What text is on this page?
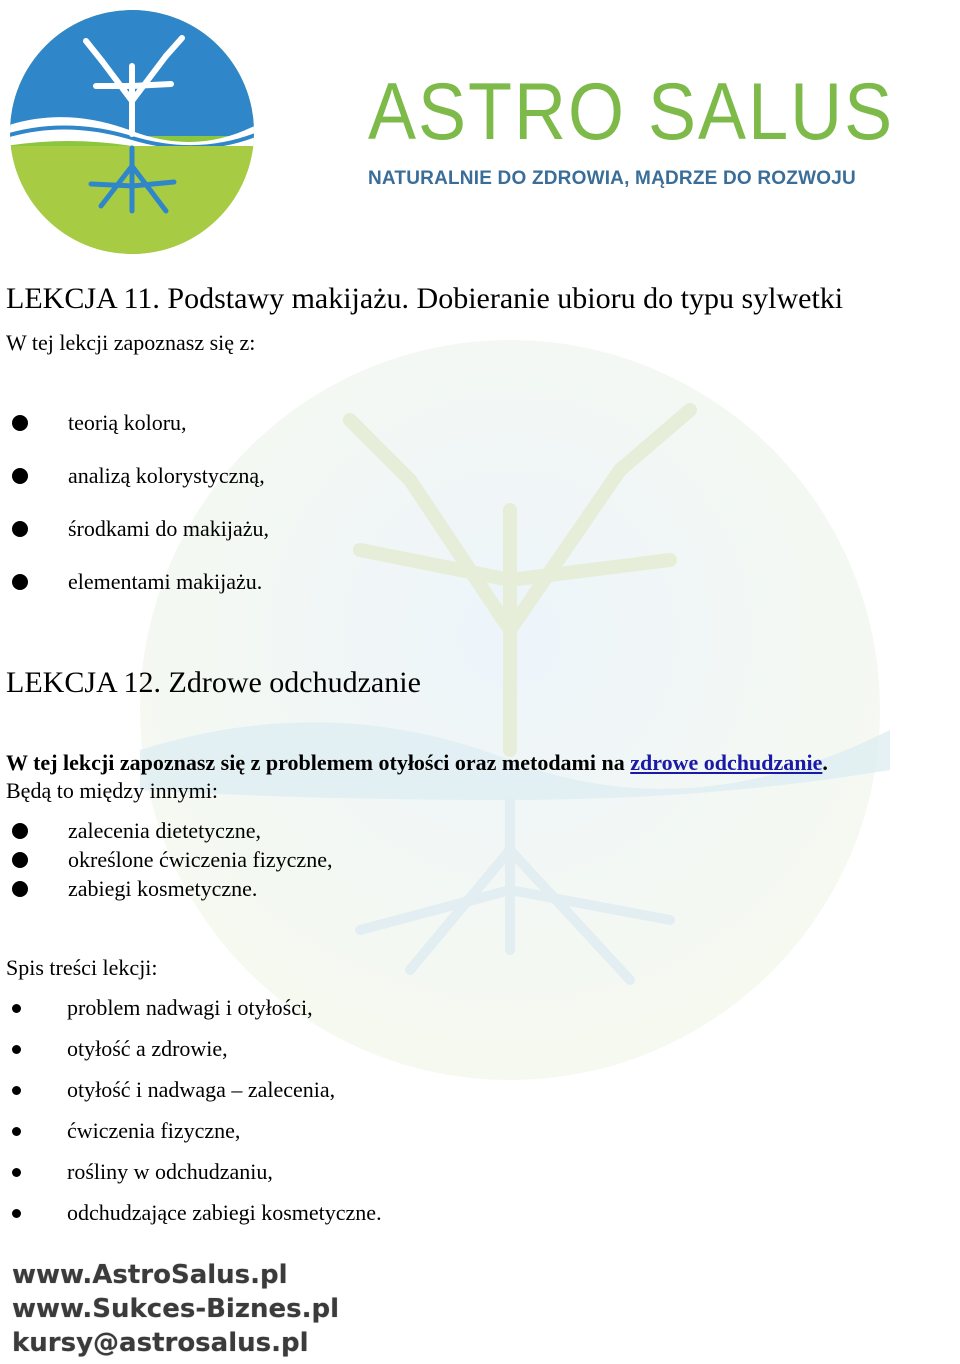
ASTRO SALUS
NATURALNIE DO ZDROWIA, MĄDRZE DO ROZWOJU
LEKCJA 11. Podstawy makijażu. Dobieranie ubioru do typu sylwetki
W tej lekcji zapoznasz się z:
teorią koloru,
analizą kolorystyczną,
środkami do makijażu,
elementami makijażu.
LEKCJA 12. Zdrowe odchudzanie
W tej lekcji zapoznasz się z problemem otyłości oraz metodami na zdrowe odchudzanie.
Będą to między innymi:
zalecenia dietetyczne,
określone ćwiczenia fizyczne,
zabiegi kosmetyczne.
Spis treści lekcji:
problem nadwagi i otyłości,
otyłość a zdrowie,
otyłość i nadwaga – zalecenia,
ćwiczenia fizyczne,
rośliny w odchudzaniu,
odchudzające zabiegi kosmetyczne.
www.AstroSalus.pl
www.Sukces-Biznes.pl
kursy@astrosalus.pl
